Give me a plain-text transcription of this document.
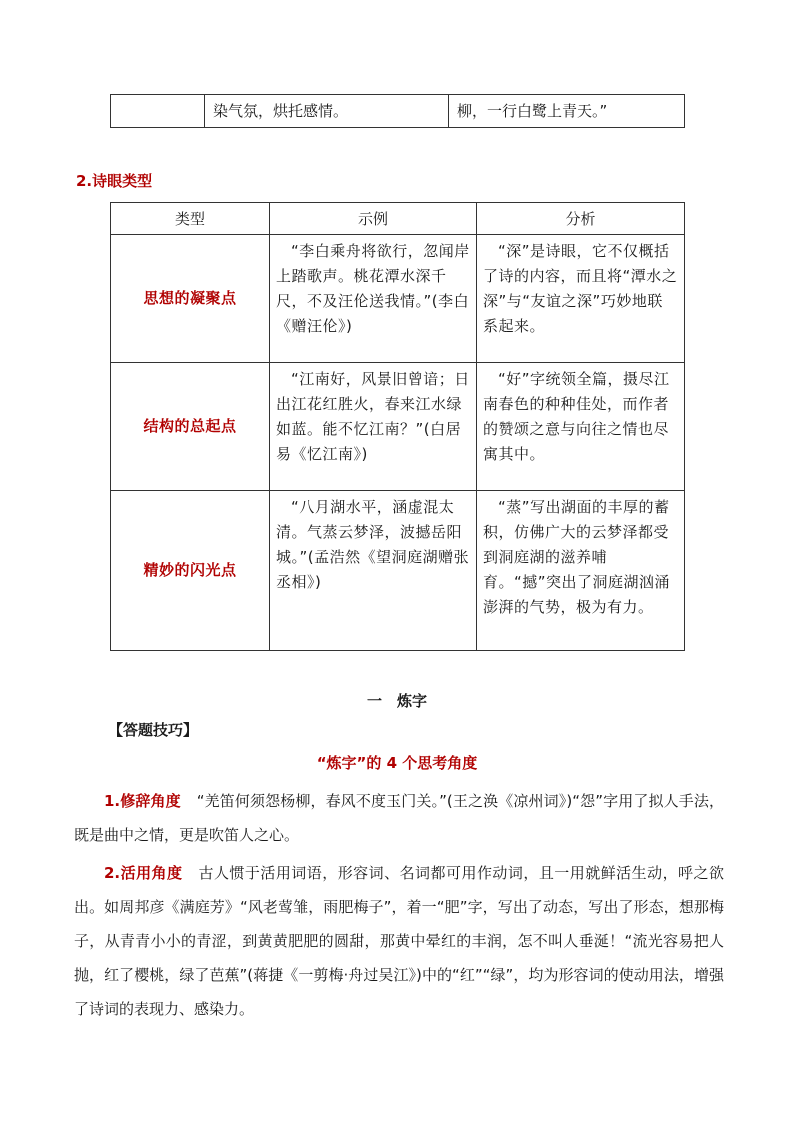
	染气氛，烘托感情。	柳，一行白鹭上青天。”
2.诗眼类型
类型	示例	分析
思想的凝聚点	“李白乘舟将欲行，忽闻岸上踏歌声。桃花潭水深千尺，不及汪伦送我情。”(李白《赠汪伦》)	“深”是诗眼，它不仅概括了诗的内容，而且将“潭水之深”与“友谊之深”巧妙地联系起来。
结构的总起点	“江南好，风景旧曾谙；日出江花红胜火，春来江水绿如蓝。能不忆江南？”(白居易《忆江南》)	“好”字统领全篇，摄尽江南春色的种种佳处，而作者的赞颂之意与向往之情也尽寓其中。
精妙的闪光点	“八月湖水平，涵虚混太清。气蒸云梦泽，波撼岳阳城。”(孟浩然《望洞庭湖赠张丞相》)	“蒸”写出湖面的丰厚的蓄积，仿佛广大的云梦泽都受到洞庭湖的滋养哺育。“撼”突出了洞庭湖汹涌澎湃的气势，极为有力。
一　炼字
【答题技巧】
“炼字”的 4 个思考角度
1.修辞角度 “羌笛何须怨杨柳，春风不度玉门关。”(王之涣《凉州词》)“怨”字用了拟人手法，既是曲中之情，更是吹笛人之心。
2.活用角度 古人惯于活用词语，形容词、名词都可用作动词，且一用就鲜活生动，呼之欲出。如周邦彦《满庭芳》“风老莺雏，雨肥梅子”，着一“肥”字，写出了动态，写出了形态，想那梅子，从青青小小的青涩，到黄黄肥肥的圆甜，那黄中晕红的丰润，怎不叫人垂涎！“流光容易把人抛，红了樱桃，绿了芭蕉”(蒋捷《一剪梅·舟过吴江》)中的“红”“绿”，均为形容词的使动用法，增强了诗词的表现力、感染力。
